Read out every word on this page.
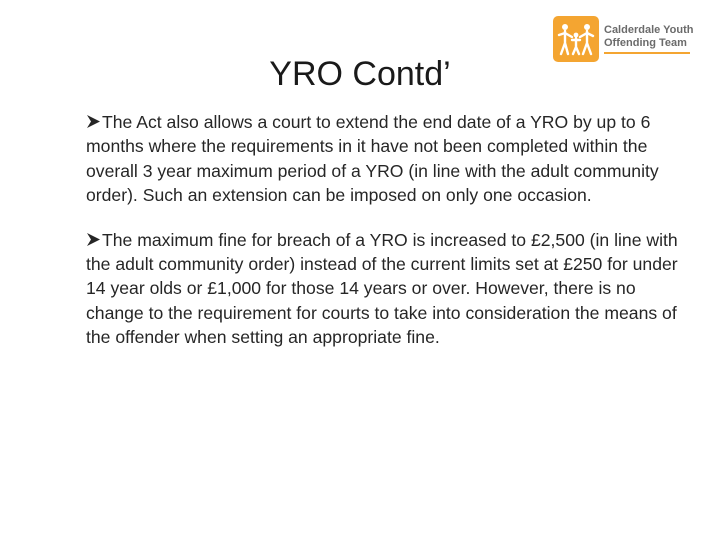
YRO Contd’
Calderdale Youth
Offending Team

The Act also allows a court to extend the end date of a YRO by up to 6 months where the requirements in it have not been completed within the overall 3 year maximum period of a YRO (in line with the adult community order). Such an extension can be imposed on only one occasion.

The maximum fine for breach of a YRO is increased to £2,500 (in line with the adult community order) instead of the current limits set at £250 for under 14 year olds or £1,000 for those 14 years or over. However, there is no change to the requirement for courts to take into consideration the means of the offender when setting an appropriate fine.
